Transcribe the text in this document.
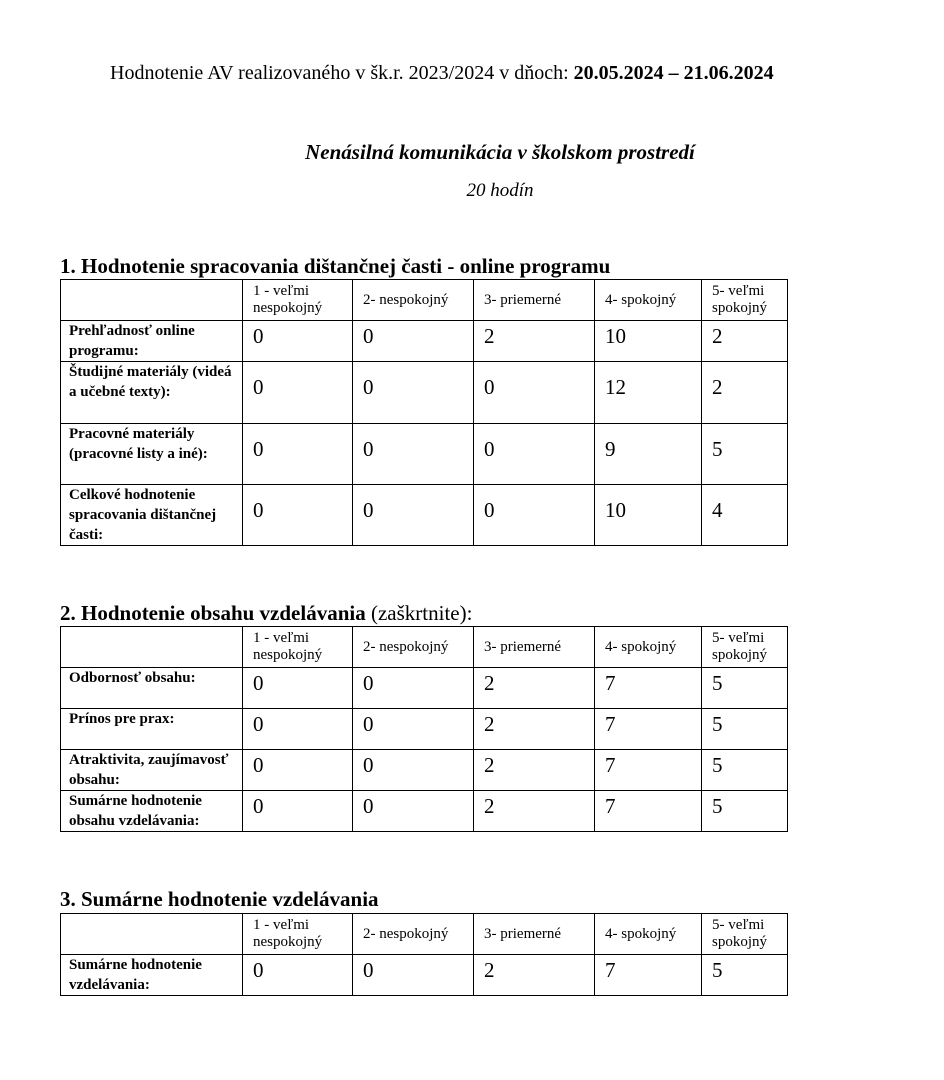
Hodnotenie AV realizovaného v šk.r. 2023/2024 v dňoch: 20.05.2024 – 21.06.2024
Nenásilná komunikácia v školskom prostredí
20 hodín
1. Hodnotenie spracovania dištančnej časti - online programu
	1 - veľmi nespokojný	2- nespokojný	3- priemerné	4- spokojný	5- veľmi spokojný
Prehľadnosť online programu:	0	0	2	10	2
Študijné materiály (videá a učebné texty):	0	0	0	12	2
Pracovné materiály (pracovné listy a iné):	0	0	0	9	5
Celkové hodnotenie spracovania dištančnej časti:	0	0	0	10	4
2. Hodnotenie obsahu vzdelávania (zaškrtnite):
	1 - veľmi nespokojný	2- nespokojný	3- priemerné	4- spokojný	5- veľmi spokojný
Odbornosť obsahu:	0	0	2	7	5
Prínos pre prax:	0	0	2	7	5
Atraktivita, zaujímavosť obsahu:	0	0	2	7	5
Sumárne hodnotenie obsahu vzdelávania:	0	0	2	7	5
3. Sumárne hodnotenie vzdelávania
	1 - veľmi nespokojný	2- nespokojný	3- priemerné	4- spokojný	5- veľmi spokojný
Sumárne hodnotenie vzdelávania:	0	0	2	7	5
